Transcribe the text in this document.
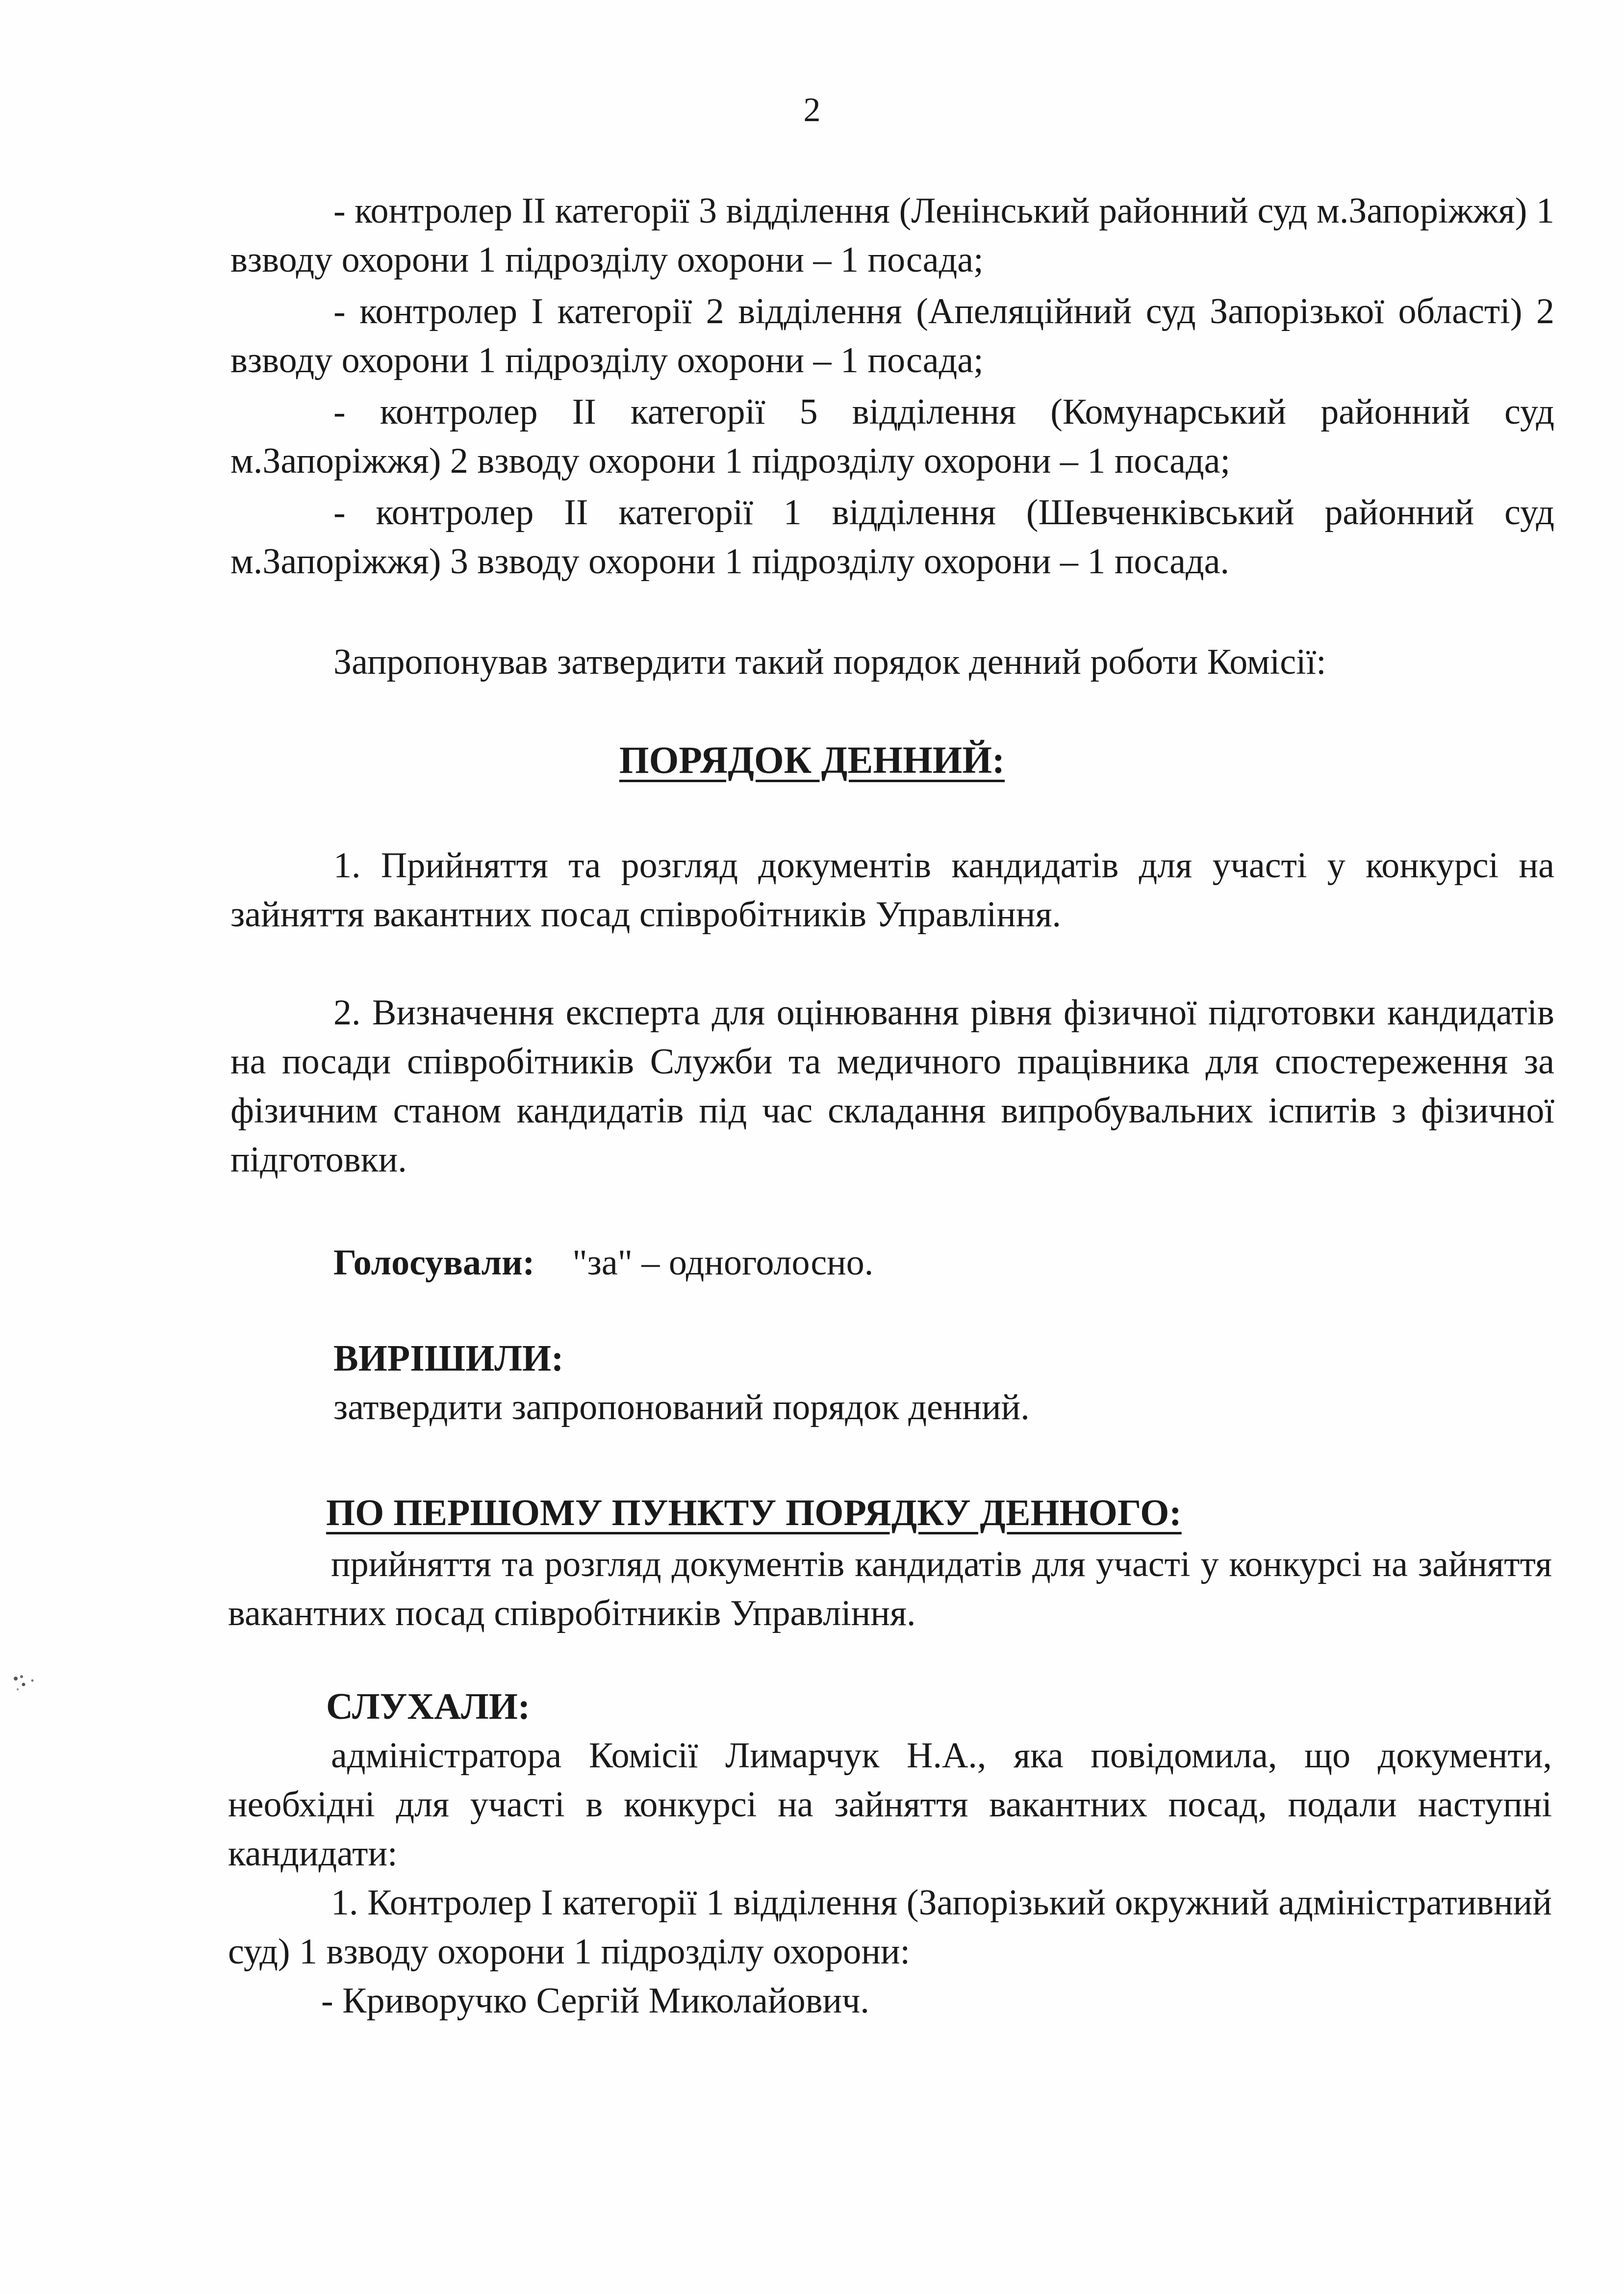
2
- контролер ІІ категорії 3 відділення (Ленінський районний суд м.Запоріжжя) 1 взводу охорони 1 підрозділу охорони – 1 посада;
- контролер І категорії 2 відділення (Апеляційний суд Запорізької області) 2 взводу охорони 1 підрозділу охорони – 1 посада;
- контролер ІІ категорії 5 відділення (Комунарський районний суд м.Запоріжжя) 2 взводу охорони 1 підрозділу охорони – 1 посада;
- контролер ІІ категорії 1 відділення (Шевченківський районний суд м.Запоріжжя) 3 взводу охорони 1 підрозділу охорони – 1 посада.
Запропонував затвердити такий порядок денний роботи Комісії:
ПОРЯДОК ДЕННИЙ:
1. Прийняття та розгляд документів кандидатів для участі у конкурсі на зайняття вакантних посад співробітників Управління.
2. Визначення експерта для оцінювання рівня фізичної підготовки кандидатів на посади співробітників Служби та медичного працівника для спостереження за фізичним станом кандидатів під час складання випробувальних іспитів з фізичної підготовки.
Голосували: "за" – одноголосно.
ВИРІШИЛИ:
затвердити запропонований порядок денний.
ПО ПЕРШОМУ ПУНКТУ ПОРЯДКУ ДЕННОГО:
прийняття та розгляд документів кандидатів для участі у конкурсі на зайняття вакантних посад співробітників Управління.
СЛУХАЛИ:
адміністратора Комісії Лимарчук Н.А., яка повідомила, що документи, необхідні для участі в конкурсі на зайняття вакантних посад, подали наступні кандидати:
1. Контролер І категорії 1 відділення (Запорізький окружний адміністративний суд) 1 взводу охорони 1 підрозділу охорони:
- Криворучко Сергій Миколайович.
